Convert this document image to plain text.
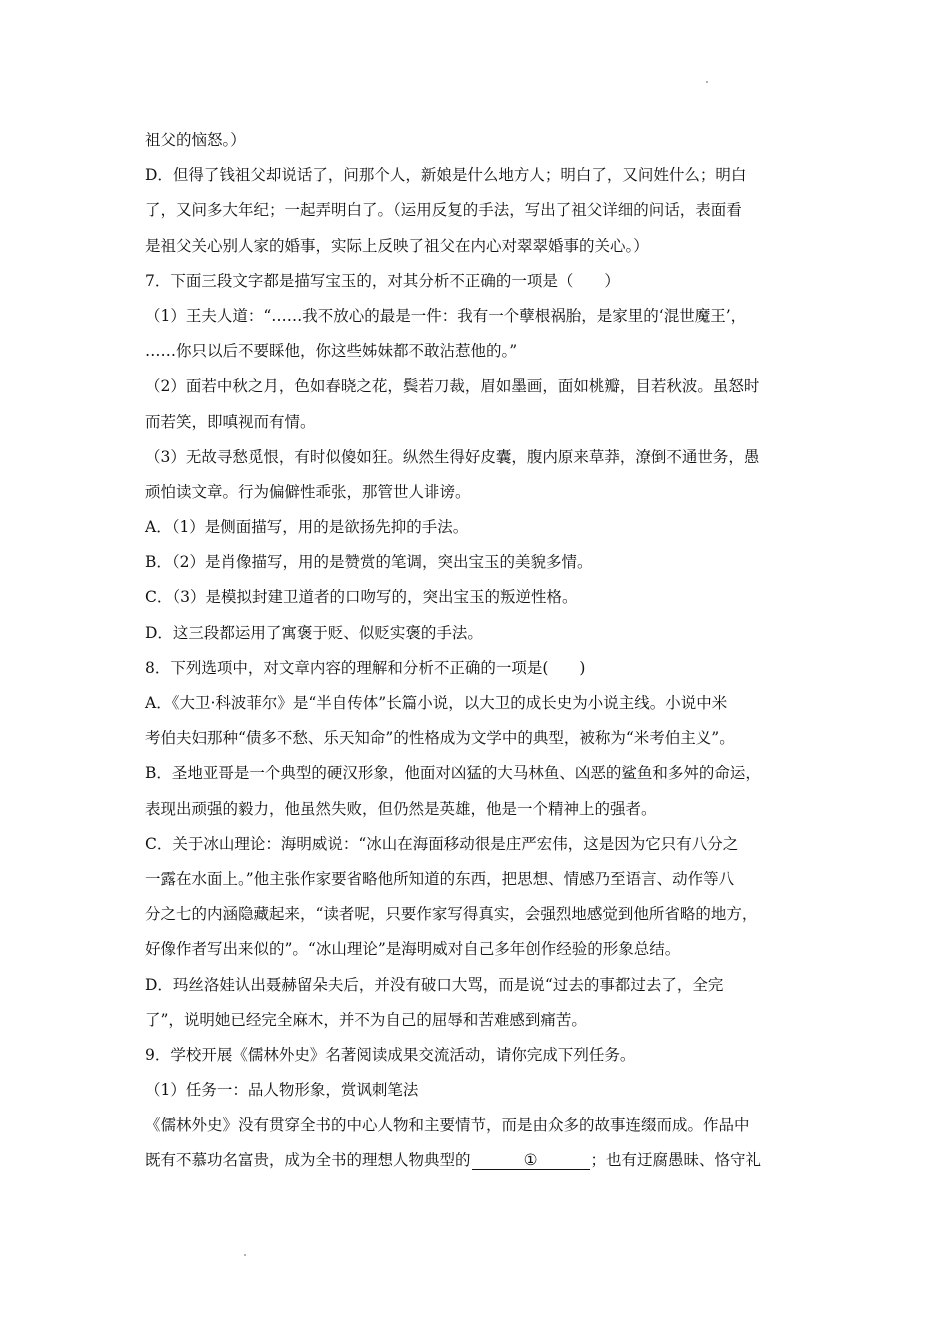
祖父的恼怒。）
D．但得了钱祖父却说话了，问那个人，新娘是什么地方人；明白了，又问姓什么；明白
了，又问多大年纪；一起弄明白了。（运用反复的手法，写出了祖父详细的问话，表面看
是祖父关心别人家的婚事，实际上反映了祖父在内心对翠翠婚事的关心。）
7．下面三段文字都是描写宝玉的，对其分析不正确的一项是（　　）
（1）王夫人道：“……我不放心的最是一件：我有一个孽根祸胎，是家里的‘混世魔王’，
……你只以后不要睬他，你这些姊妹都不敢沾惹他的。”
（2）面若中秋之月，色如春晓之花，鬓若刀裁，眉如墨画，面如桃瓣，目若秋波。虽怒时
而若笑，即嗔视而有情。
（3）无故寻愁觅恨，有时似傻如狂。纵然生得好皮囊，腹内原来草莽，潦倒不通世务，愚
顽怕读文章。行为偏僻性乖张，那管世人诽谤。
A．（1）是侧面描写，用的是欲扬先抑的手法。
B．（2）是肖像描写，用的是赞赏的笔调，突出宝玉的美貌多情。
C．（3）是模拟封建卫道者的口吻写的，突出宝玉的叛逆性格。
D．这三段都运用了寓褒于贬、似贬实褒的手法。
8．下列选项中，对文章内容的理解和分析不正确的一项是(　　)
A．《大卫·科波菲尔》是“半自传体”长篇小说，以大卫的成长史为小说主线。小说中米
考伯夫妇那种“债多不愁、乐天知命”的性格成为文学中的典型，被称为“米考伯主义”。
B．圣地亚哥是一个典型的硬汉形象，他面对凶猛的大马林鱼、凶恶的鲨鱼和多舛的命运，
表现出顽强的毅力，他虽然失败，但仍然是英雄，他是一个精神上的强者。
C．关于冰山理论：海明威说：“冰山在海面移动很是庄严宏伟，这是因为它只有八分之
一露在水面上。”他主张作家要省略他所知道的东西，把思想、情感乃至语言、动作等八
分之七的内涵隐藏起来，“读者呢，只要作家写得真实，会强烈地感觉到他所省略的地方，
好像作者写出来似的”。“冰山理论”是海明威对自己多年创作经验的形象总结。
D．玛丝洛娃认出聂赫留朵夫后，并没有破口大骂，而是说“过去的事都过去了，全完
了”，说明她已经完全麻木，并不为自己的屈辱和苦难感到痛苦。
9．学校开展《儒林外史》名著阅读成果交流活动，请你完成下列任务。
（1）任务一：品人物形象，赏讽刺笔法
《儒林外史》没有贯穿全书的中心人物和主要情节，而是由众多的故事连缀而成。作品中
既有不慕功名富贵，成为全书的理想人物典型的	①	；也有迂腐愚昧、恪守礼
